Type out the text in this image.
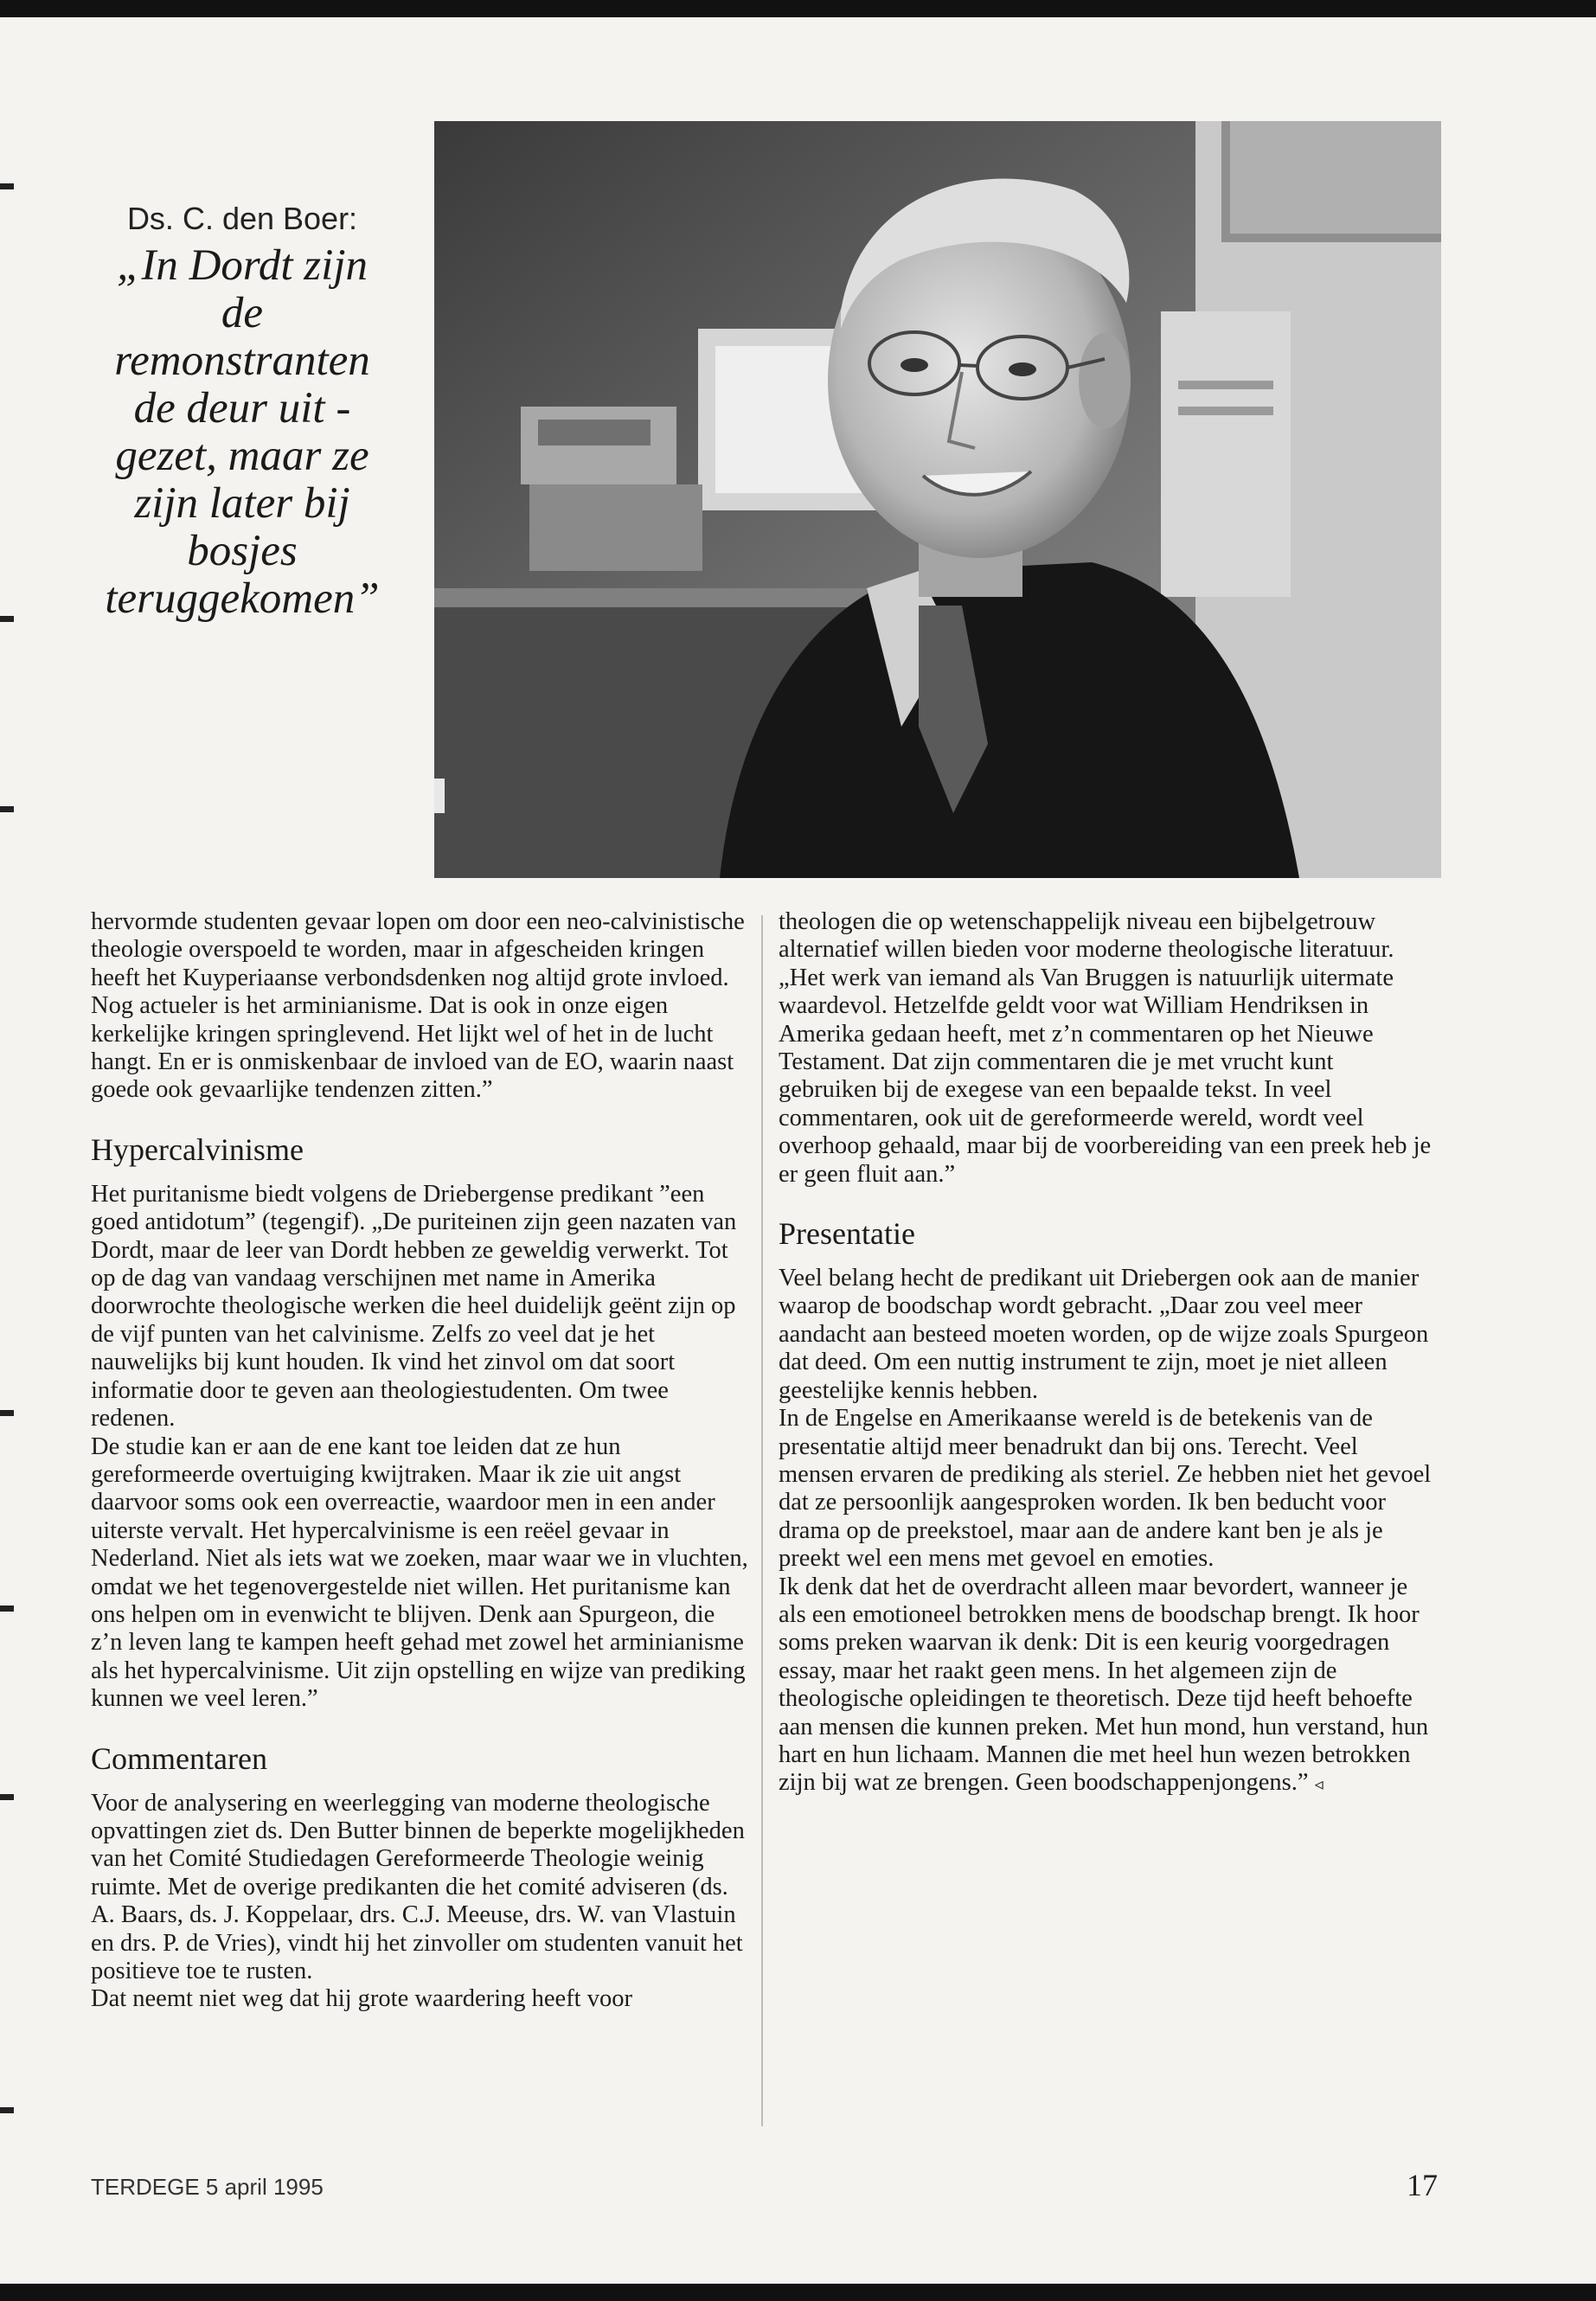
Ds. C. den Boer:
„In Dordt zijn de remonstranten de deur uit - gezet, maar ze zijn later bij bosjes teruggekomen”

hervormde studenten gevaar lopen om door een neo-calvinistische theologie overspoeld te worden, maar in afgescheiden kringen heeft het Kuyperiaanse verbondsdenken nog altijd grote invloed. Nog actueler is het arminianisme. Dat is ook in onze eigen kerkelijke kringen springlevend. Het lijkt wel of het in de lucht hangt. En er is onmiskenbaar de invloed van de EO, waarin naast goede ook gevaarlijke tendenzen zitten.”

Hypercalvinisme

Het puritanisme biedt volgens de Driebergense predikant ”een goed antidotum” (tegengif). „De puriteinen zijn geen nazaten van Dordt, maar de leer van Dordt hebben ze geweldig verwerkt. Tot op de dag van vandaag verschijnen met name in Amerika doorwrochte theologische werken die heel duidelijk geënt zijn op de vijf punten van het calvinisme. Zelfs zo veel dat je het nauwelijks bij kunt houden. Ik vind het zinvol om dat soort informatie door te geven aan theologiestudenten. Om twee redenen.

De studie kan er aan de ene kant toe leiden dat ze hun gereformeerde overtuiging kwijtraken. Maar ik zie uit angst daarvoor soms ook een overreactie, waardoor men in een ander uiterste vervalt. Het hypercalvinisme is een reëel gevaar in Nederland. Niet als iets wat we zoeken, maar waar we in vluchten, omdat we het tegenovergestelde niet willen. Het puritanisme kan ons helpen om in evenwicht te blijven. Denk aan Spurgeon, die z’n leven lang te kampen heeft gehad met zowel het arminianisme als het hypercalvinisme. Uit zijn opstelling en wijze van prediking kunnen we veel leren.”

Commentaren

Voor de analysering en weerlegging van moderne theologische opvattingen ziet ds. Den Butter binnen de beperkte mogelijkheden van het Comité Studiedagen Gereformeerde Theologie weinig ruimte. Met de overige predikanten die het comité adviseren (ds. A. Baars, ds. J. Koppelaar, drs. C.J. Meeuse, drs. W. van Vlastuin en drs. P. de Vries), vindt hij het zinvoller om studenten vanuit het positieve toe te rusten.

Dat neemt niet weg dat hij grote waardering heeft voor

theologen die op wetenschappelijk niveau een bijbelgetrouw alternatief willen bieden voor moderne theologische literatuur. „Het werk van iemand als Van Bruggen is natuurlijk uitermate waardevol. Hetzelfde geldt voor wat William Hendriksen in Amerika gedaan heeft, met z’n commentaren op het Nieuwe Testament. Dat zijn commentaren die je met vrucht kunt gebruiken bij de exegese van een bepaalde tekst. In veel commentaren, ook uit de gereformeerde wereld, wordt veel overhoop gehaald, maar bij de voorbereiding van een preek heb je er geen fluit aan.”

Presentatie

Veel belang hecht de predikant uit Driebergen ook aan de manier waarop de boodschap wordt gebracht. „Daar zou veel meer aandacht aan besteed moeten worden, op de wijze zoals Spurgeon dat deed. Om een nuttig instrument te zijn, moet je niet alleen geestelijke kennis hebben.

In de Engelse en Amerikaanse wereld is de betekenis van de presentatie altijd meer benadrukt dan bij ons. Terecht. Veel mensen ervaren de prediking als steriel. Ze hebben niet het gevoel dat ze persoonlijk aangesproken worden. Ik ben beducht voor drama op de preekstoel, maar aan de andere kant ben je als je preekt wel een mens met gevoel en emoties.

Ik denk dat het de overdracht alleen maar bevordert, wanneer je als een emotioneel betrokken mens de boodschap brengt. Ik hoor soms preken waarvan ik denk: Dit is een keurig voorgedragen essay, maar het raakt geen mens. In het algemeen zijn de theologische opleidingen te theoretisch. Deze tijd heeft behoefte aan mensen die kunnen preken. Met hun mond, hun verstand, hun hart en hun lichaam. Mannen die met heel hun wezen betrokken zijn bij wat ze brengen. Geen boodschappenjongens.” ◃

TERDEGE 5 april 1995	17
